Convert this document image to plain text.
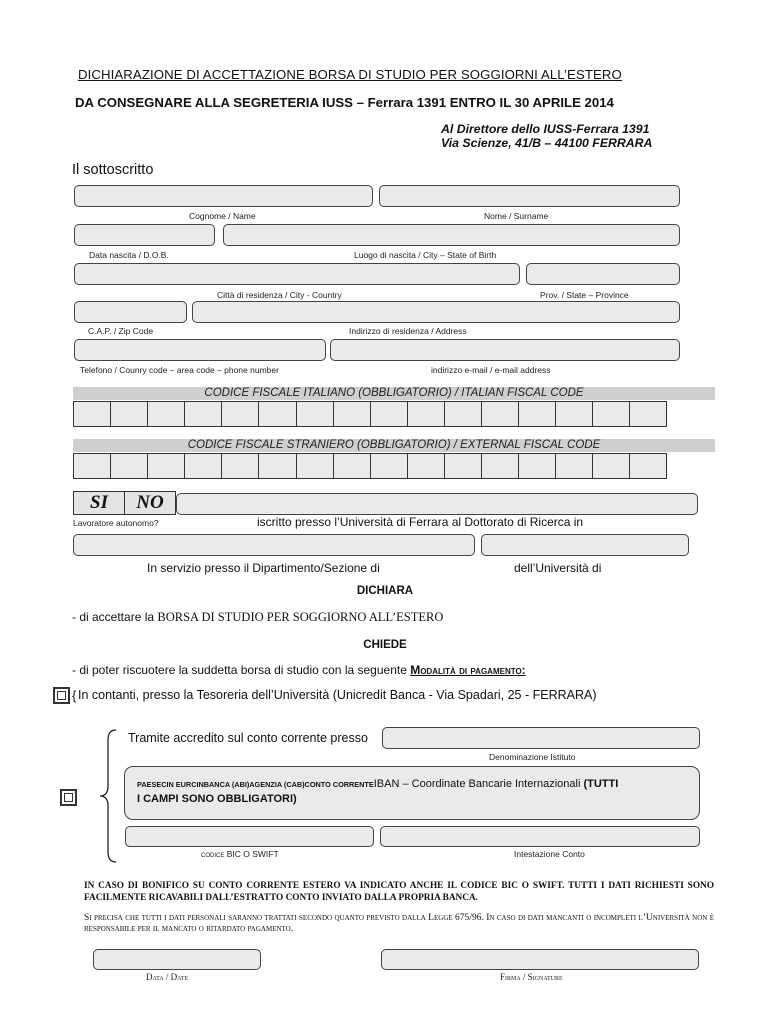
DICHIARAZIONE DI ACCETTAZIONE BORSA DI STUDIO PER SOGGIORNI ALL’ESTERO
DA CONSEGNARE ALLA SEGRETERIA IUSS – Ferrara 1391 ENTRO IL 30 APRILE 2014
Al Direttore dello IUSS-Ferrara 1391
Via Scienze, 41/B – 44100 FERRARA
Il sottoscritto
Cognome / Name	Nome / Surname
Data nascita / D.O.B.	Luogo di nascita / City – State of Birth
Città di residenza / City - Country	Prov. / State – Province
C.A.P. / Zip Code	Indirizzo di residenza / Address
Telefono / Counry code – area code – phone number	indirizzo e-mail / e-mail address
CODICE FISCALE ITALIANO (OBBLIGATORIO) / ITALIAN FISCAL CODE
CODICE FISCALE STRANIERO (OBBLIGATORIO) / EXTERNAL FISCAL CODE
SI	NO
Lavoratore autonomo?	iscritto presso l’Università di Ferrara al Dottorato di Ricerca in
In servizio presso il Dipartimento/Sezione di	dell’Università di
DICHIARA
- di accettare la BORSA DI STUDIO PER SOGGIORNO ALL’ESTERO
CHIEDE
- di poter riscuotere la suddetta borsa di studio con la seguente Modalità di pagamento:
{ In contanti, presso la Tesoreria dell’Università (Unicredit Banca - Via Spadari, 25 - FERRARA)
Tramite accredito sul conto corrente presso
Denominazione Istituto
PAESECIN EURCINBANCA (ABI)AGENZIA (CAB)CONTO CORRENTEIBAN – Coordinate Bancarie Internazionali (TUTTI
I CAMPI SONO OBBLIGATORI)
codice BIC O SWIFT	Intestazione Conto
IN CASO DI BONIFICO SU CONTO CORRENTE ESTERO VA INDICATO ANCHE IL CODICE BIC O SWIFT. TUTTI I DATI RICHIESTI SONO FACILMENTE RICAVABILI DALL’ESTRATTO CONTO INVIATO DALLA PROPRIA BANCA.
Si precisa che tutti i dati personali saranno trattati secondo quanto previsto dalla Legge 675/96. In caso di dati mancanti o incompleti l’Università non è responsabile per il mancato o ritardato pagamento.
Data / Date	Firma / Signature
